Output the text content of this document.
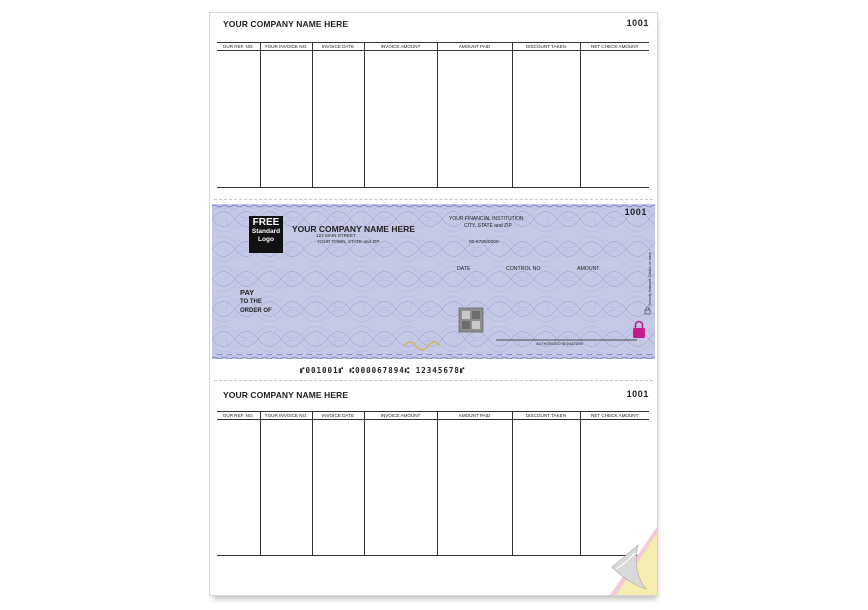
YOUR COMPANY NAME HERE	1001
OUR REF. NO.	YOUR INVOICE NO.	INVOICE DATE	INVOICE AMOUNT	AMOUNT PAID	DISCOUNT TAKEN	NET CHECK AMOUNT

1001
FREE
Standard
Logo
YOUR COMPANY NAME HERE
123 MAIN STREET
YOUR TOWN, STATE and ZIP
YOUR FINANCIAL INSTITUTION
CITY, STATE and ZIP
00-6789/0000
DATE	CONTROL NO.	AMOUNT
PAY
TO THE
ORDER OF
AUTHORIZED SIGNATURE
Security features. Details on back.
⑈001001⑈ ⑆000067894⑆ 12345678⑈
YOUR COMPANY NAME HERE	1001
OUR REF. NO.	YOUR INVOICE NO.	INVOICE DATE	INVOICE AMOUNT	AMOUNT PAID	DISCOUNT TAKEN	NET CHECK AMOUNT
